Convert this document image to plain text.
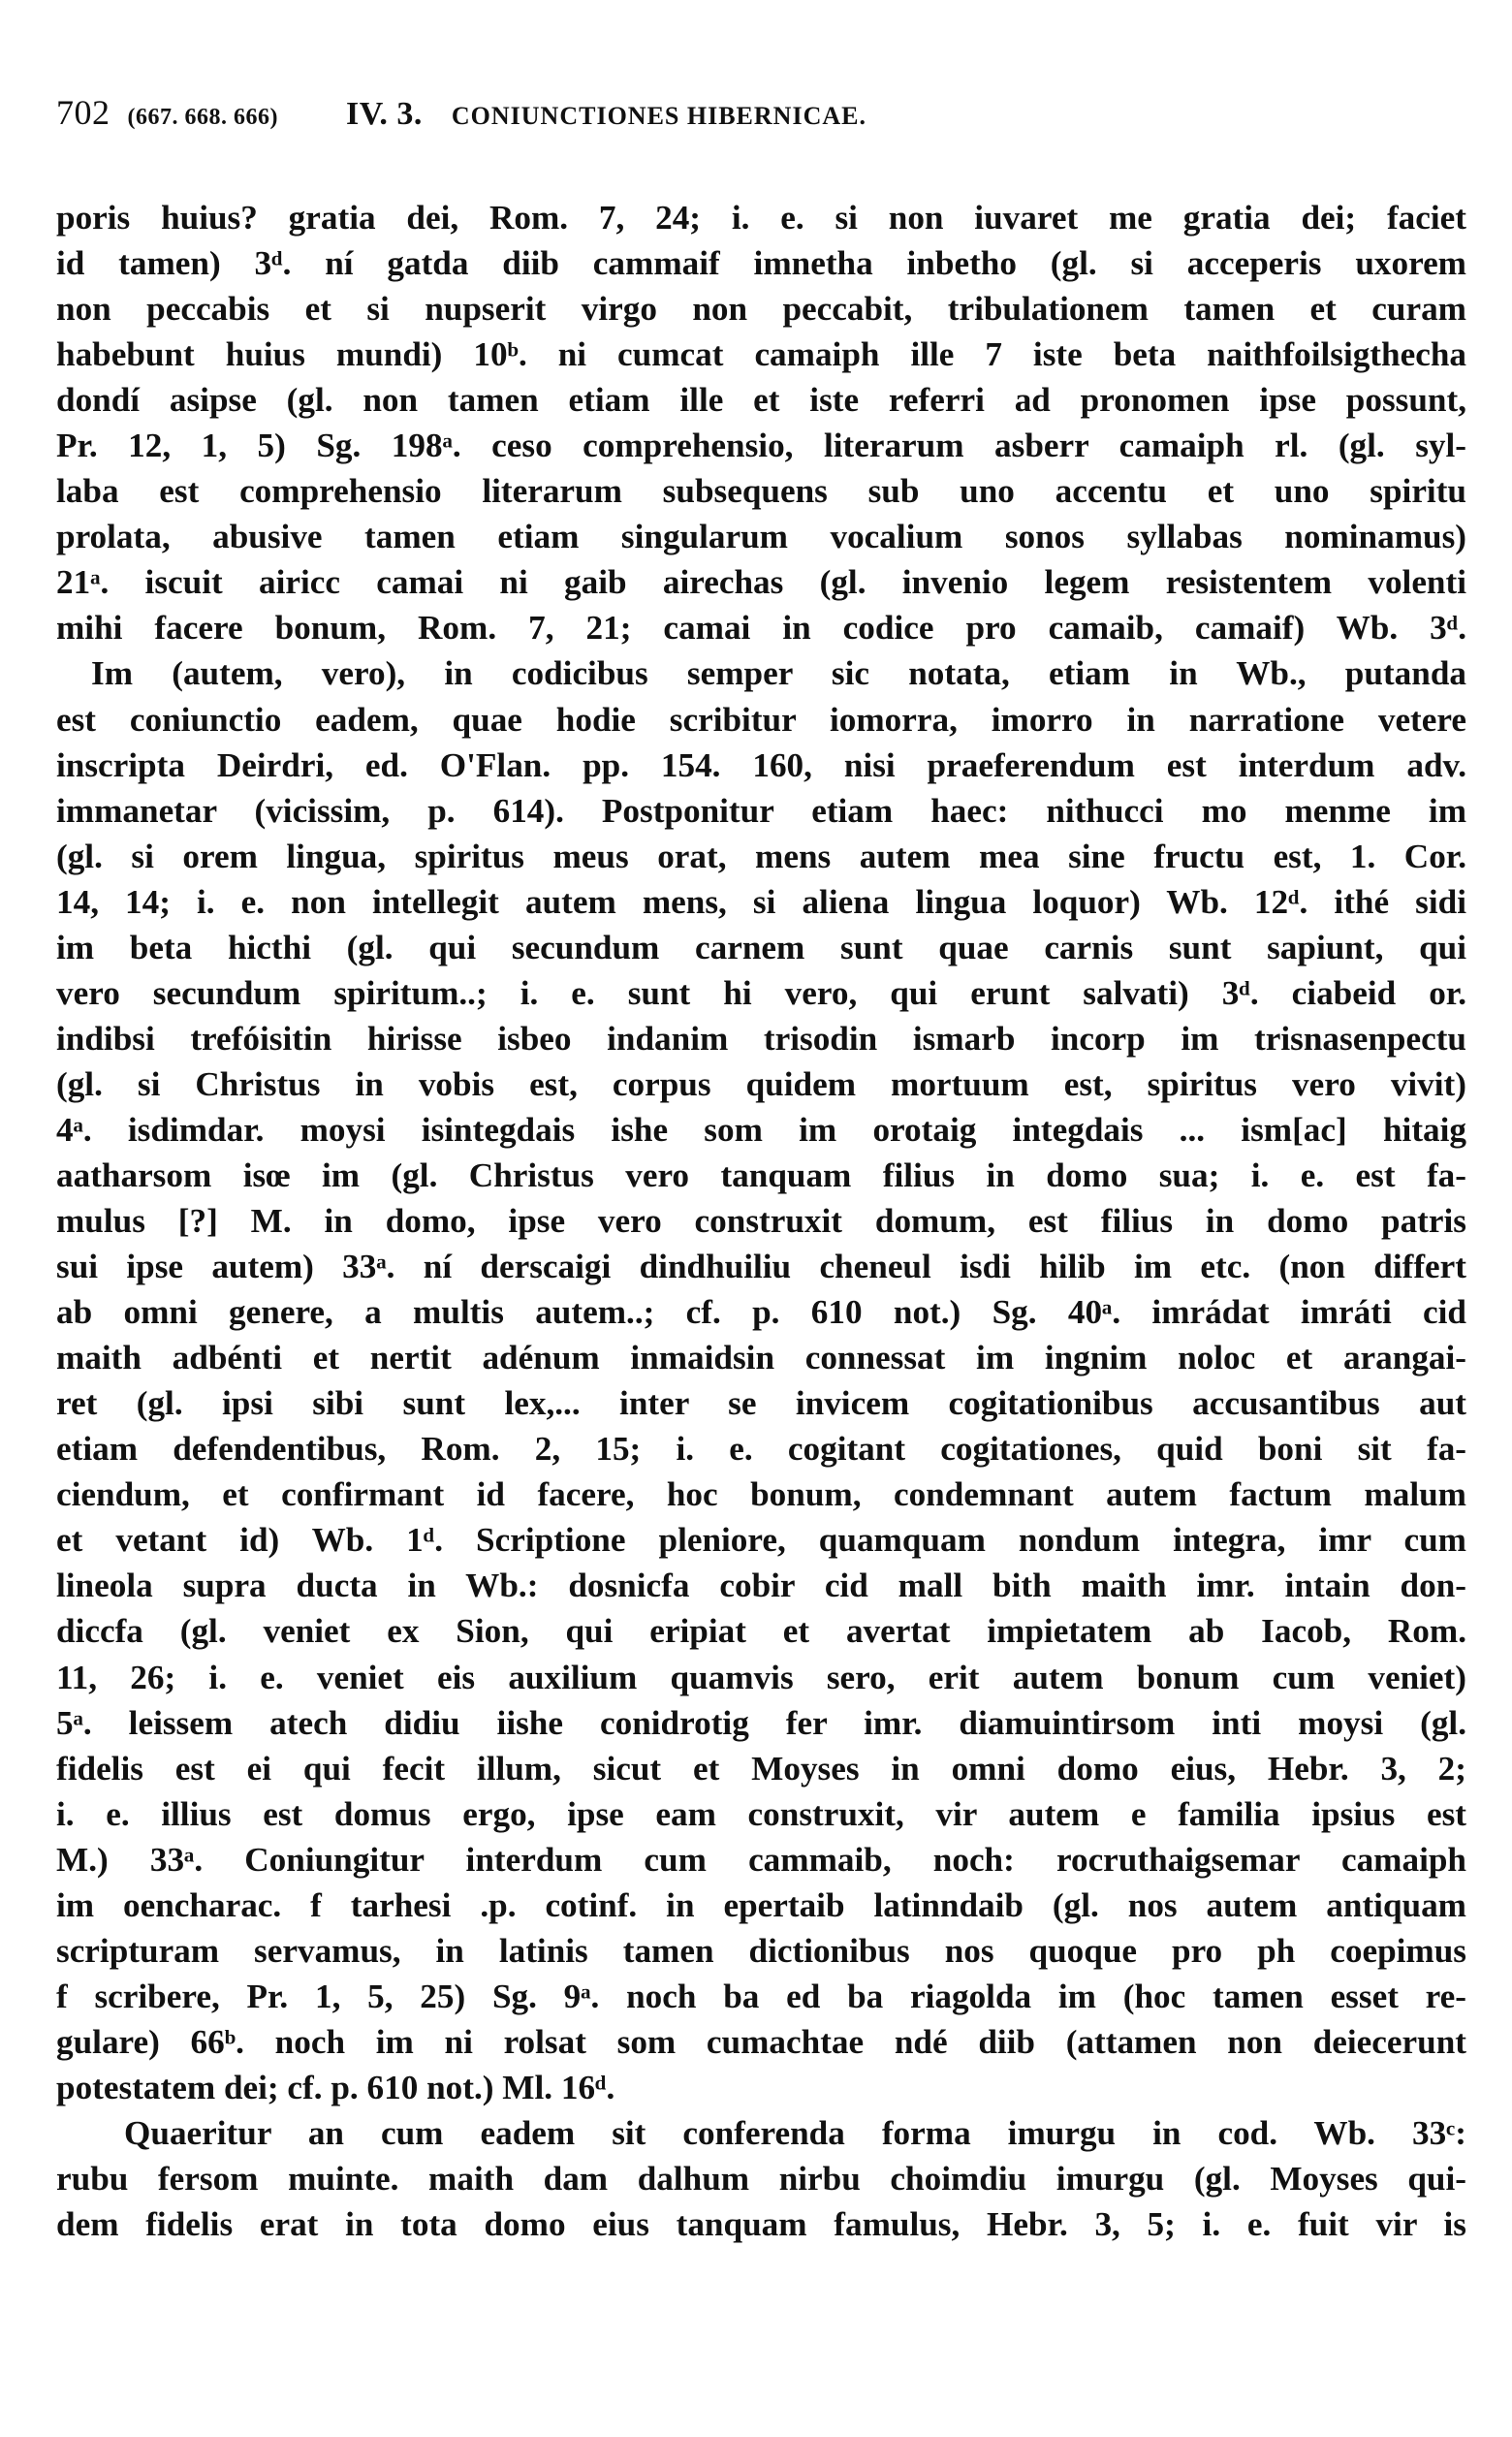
702 (667. 668. 666) IV. 3. CONIUNCTIONES HIBERNICAE.
poris huius? gratia dei, Rom. 7, 24; i. e. si non iuvaret me gratia dei; faciet
id tamen) 3ᵈ. ní gatda diib cammaif imnetha inbetho (gl. si acceperis uxorem
non peccabis et si nupserit virgo non peccabit, tribulationem tamen et curam
habebunt huius mundi) 10ᵇ. ni cumcat camaiph ille 7 iste beta naithfoilsigthecha
dondí asipse (gl. non tamen etiam ille et iste referri ad pronomen ipse possunt,
Pr. 12, 1, 5) Sg. 198ᵃ. ceso comprehensio, literarum asberr camaiph rl. (gl. syl-
laba est comprehensio literarum subsequens sub uno accentu et uno spiritu
prolata, abusive tamen etiam singularum vocalium sonos syllabas nominamus)
21ᵃ. iscuit airicc camai ni gaib airechas (gl. invenio legem resistentem volenti
mihi facere bonum, Rom. 7, 21; camai in codice pro camaib, camaif) Wb. 3ᵈ.
Im (autem, vero), in codicibus semper sic notata, etiam in Wb., putanda
est coniunctio eadem, quae hodie scribitur iomorra, imorro in narratione vetere
inscripta Deirdri, ed. O'Flan. pp. 154. 160, nisi praeferendum est interdum adv.
immanetar (vicissim, p. 614). Postponitur etiam haec: nithucci mo menme im
(gl. si orem lingua, spiritus meus orat, mens autem mea sine fructu est, 1. Cor.
14, 14; i. e. non intellegit autem mens, si aliena lingua loquor) Wb. 12ᵈ. ithé sidi
im beta hicthi (gl. qui secundum carnem sunt quae carnis sunt sapiunt, qui
vero secundum spiritum..; i. e. sunt hi vero, qui erunt salvati) 3ᵈ. ciabeid or.
indibsi trefóisitin hirisse isbeo indanim trisodin ismarb incorp im trisnasenpectu
(gl. si Christus in vobis est, corpus quidem mortuum est, spiritus vero vivit)
4ᵃ. isdimdar. moysi isintegdais ishe som im orotaig integdais ... ism[ac] hitaig
aatharsom isœ im (gl. Christus vero tanquam filius in domo sua; i. e. est fa-
mulus [?] M. in domo, ipse vero construxit domum, est filius in domo patris
sui ipse autem) 33ᵃ. ní derscaigi dindhuiliu cheneul isdi hilib im etc. (non differt
ab omni genere, a multis autem..; cf. p. 610 not.) Sg. 40ᵃ. imrádat imráti cid
maith adbénti et nertit adénum inmaidsin connessat im ingnim noloc et arangai-
ret (gl. ipsi sibi sunt lex,... inter se invicem cogitationibus accusantibus aut
etiam defendentibus, Rom. 2, 15; i. e. cogitant cogitationes, quid boni sit fa-
ciendum, et confirmant id facere, hoc bonum, condemnant autem factum malum
et vetant id) Wb. 1ᵈ. Scriptione pleniore, quamquam nondum integra, imr cum
lineola supra ducta in Wb.: dosnicfa cobir cid mall bith maith imr. intain don-
diccfa (gl. veniet ex Sion, qui eripiat et avertat impietatem ab Iacob, Rom.
11, 26; i. e. veniet eis auxilium quamvis sero, erit autem bonum cum veniet)
5ᵃ. leissem atech didiu iishe conidrotig fer imr. diamuintirsom inti moysi (gl.
fidelis est ei qui fecit illum, sicut et Moyses in omni domo eius, Hebr. 3, 2;
i. e. illius est domus ergo, ipse eam construxit, vir autem e familia ipsius est
M.) 33ᵃ. Coniungitur interdum cum cammaib, noch: rocruthaigsemar camaiph
im oencharac. f tarhesi .p. cotinf. in epertaib latinndaib (gl. nos autem antiquam
scripturam servamus, in latinis tamen dictionibus nos quoque pro ph coepimus
f scribere, Pr. 1, 5, 25) Sg. 9ᵃ. noch ba ed ba riagolda im (hoc tamen esset re-
gulare) 66ᵇ. noch im ni rolsat som cumachtae ndé diib (attamen non deiecerunt
potestatem dei; cf. p. 610 not.) Ml. 16ᵈ.
Quaeritur an cum eadem sit conferenda forma imurgu in cod. Wb. 33ᶜ:
rubu fersom muinte. maith dam dalhum nirbu choimdiu imurgu (gl. Moyses qui-
dem fidelis erat in tota domo eius tanquam famulus, Hebr. 3, 5; i. e. fuit vir is
